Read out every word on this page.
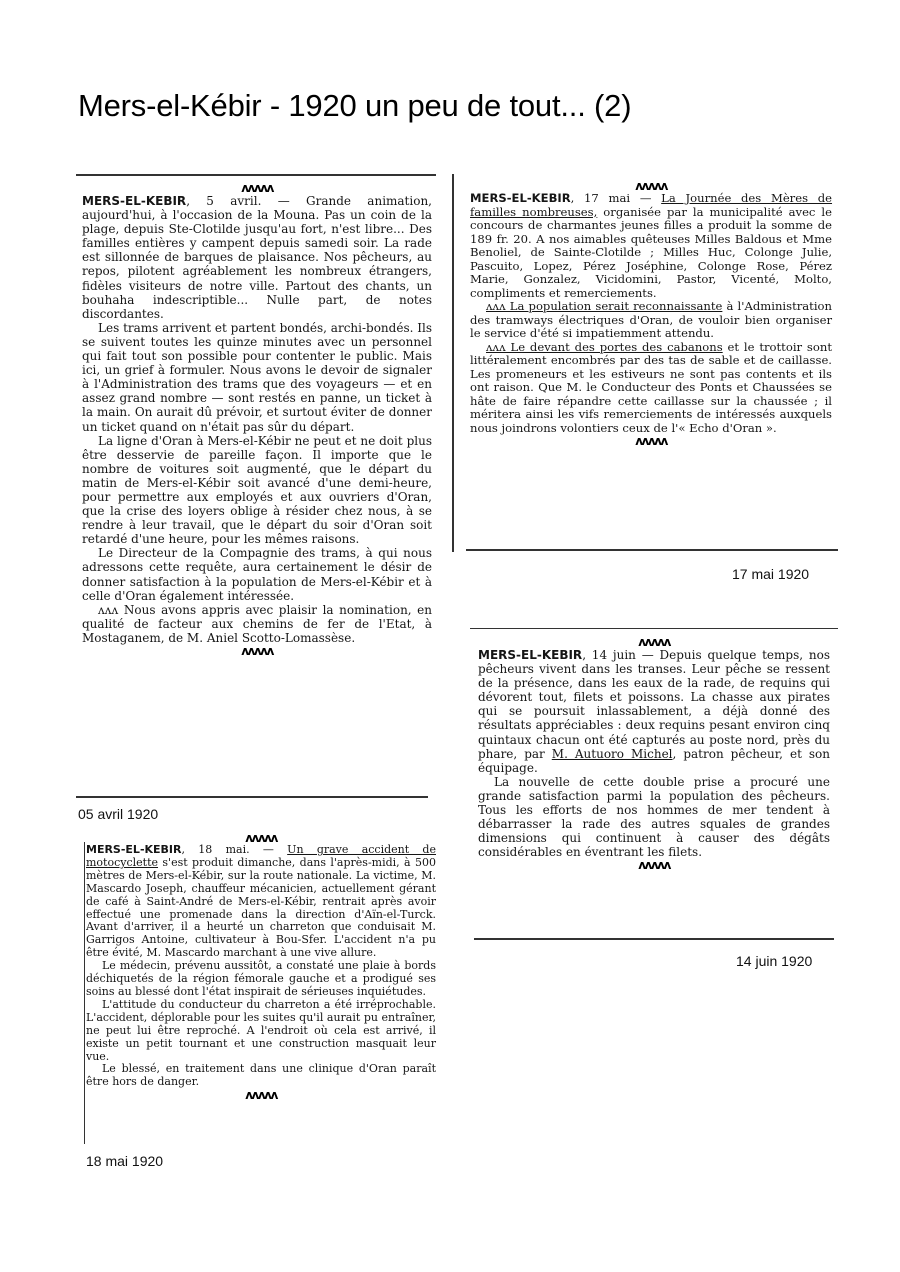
Mers-el-Kébir - 1920 un peu de tout... (2)
ʌʌʌʌʌ

MERS-EL-KEBIR, 5 avril. — Grande animation, aujourd'hui, à l'occasion de la Mouna. Pas un coin de la plage, depuis Ste-Clotilde jusqu'au fort, n'est libre... Des familles entières y campent depuis samedi soir. La rade est sillonnée de barques de plaisance. Nos pêcheurs, au repos, pilotent agréablement les nombreux étrangers, fidèles visiteurs de notre ville. Partout des chants, un bouhaha indescriptible... Nulle part, de notes discordantes.

Les trams arrivent et partent bondés, archi-bondés. Ils se suivent toutes les quinze minutes avec un personnel qui fait tout son possible pour contenter le public. Mais ici, un grief à formuler. Nous avons le devoir de signaler à l'Administration des trams que des voyageurs — et en assez grand nombre — sont restés en panne, un ticket à la main. On aurait dû prévoir, et surtout éviter de donner un ticket quand on n'était pas sûr du départ.

La ligne d'Oran à Mers-el-Kébir ne peut et ne doit plus être desservie de pareille façon. Il importe que le nombre de voitures soit augmenté, que le départ du matin de Mers-el-Kébir soit avancé d'une demi-heure, pour permettre aux employés et aux ouvriers d'Oran, que la crise des loyers oblige à résider chez nous, à se rendre à leur travail, que le départ du soir d'Oran soit retardé d'une heure, pour les mêmes raisons.

Le Directeur de la Compagnie des trams, à qui nous adressons cette requête, aura certainement le désir de donner satisfaction à la population de Mers-el-Kébir et à celle d'Oran également intéressée.

ʌʌʌ Nous avons appris avec plaisir la nomination, en qualité de facteur aux chemins de fer de l'Etat, à Mostaganem, de M. Aniel Scotto-Lomassèse.

ʌʌʌʌʌ
05 avril 1920
ʌʌʌʌʌ

MERS-EL-KEBIR, 17 mai — La Journée des Mères de familles nombreuses, organisée par la municipalité avec le concours de charmantes jeunes filles a produit la somme de 189 fr. 20. A nos aimables quêteuses Milles Baldous et Mme Benoliel, de Sainte-Clotilde ; Milles Huc, Colonge Julie, Pascuito, Lopez, Pérez Joséphine, Colonge Rose, Pérez Marie, Gonzalez, Vicidomini, Pastor, Vicenté, Molto, compliments et remerciements.

ʌʌʌ La population serait reconnaissante à l'Administration des tramways électriques d'Oran, de vouloir bien organiser le service d'été si impatiemment attendu.

ʌʌʌ Le devant des portes des cabanons et le trottoir sont littéralement encombrés par des tas de sable et de caillasse. Les promeneurs et les estiveurs ne sont pas contents et ils ont raison. Que M. le Conducteur des Ponts et Chaussées se hâte de faire répandre cette caillasse sur la chaussée ; il méritera ainsi les vifs remerciements de intéressés auxquels nous joindrons volontiers ceux de l'« Echo d'Oran ».

ʌʌʌʌʌ
17 mai 1920
ʌʌʌʌʌ

MERS-EL-KEBIR, 18 mai. — Un grave accident de motocyclette s'est produit dimanche, dans l'après-midi, à 500 mètres de Mers-el-Kébir, sur la route nationale. La victime, M. Mascardo Joseph, chauffeur mécanicien, actuellement gérant de café à Saint-André de Mers-el-Kébir, rentrait après avoir effectué une promenade dans la direction d'Aïn-el-Turck. Avant d'arriver, il a heurté un charreton que conduisait M. Garrigos Antoine, cultivateur à Bou-Sfer. L'accident n'a pu être évité, M. Mascardo marchant à une vive allure.

Le médecin, prévenu aussitôt, a constaté une plaie à bords déchiquetés de la région fémorale gauche et a prodigué ses soins au blessé dont l'état inspirait de sérieuses inquiétudes.

L'attitude du conducteur du charreton a été irréprochable. L'accident, déplorable pour les suites qu'il aurait pu entraîner, ne peut lui être reproché. A l'endroit où cela est arrivé, il existe un petit tournant et une construction masquait leur vue.

Le blessé, en traitement dans une clinique d'Oran paraît être hors de danger.

ʌʌʌʌʌ
18 mai 1920
ʌʌʌʌʌ

MERS-EL-KEBIR, 14 juin — Depuis quelque temps, nos pêcheurs vivent dans les transes. Leur pêche se ressent de la présence, dans les eaux de la rade, de requins qui dévorent tout, filets et poissons. La chasse aux pirates qui se poursuit inlassablement, a déjà donné des résultats appréciables : deux requins pesant environ cinq quintaux chacun ont été capturés au poste nord, près du phare, par M. Autuoro Michel, patron pêcheur, et son équipage.

La nouvelle de cette double prise a procuré une grande satisfaction parmi la population des pêcheurs. Tous les efforts de nos hommes de mer tendent à débarrasser la rade des autres squales de grandes dimensions qui continuent à causer des dégâts considérables en éventrant les filets.

ʌʌʌʌʌ
14 juin 1920
